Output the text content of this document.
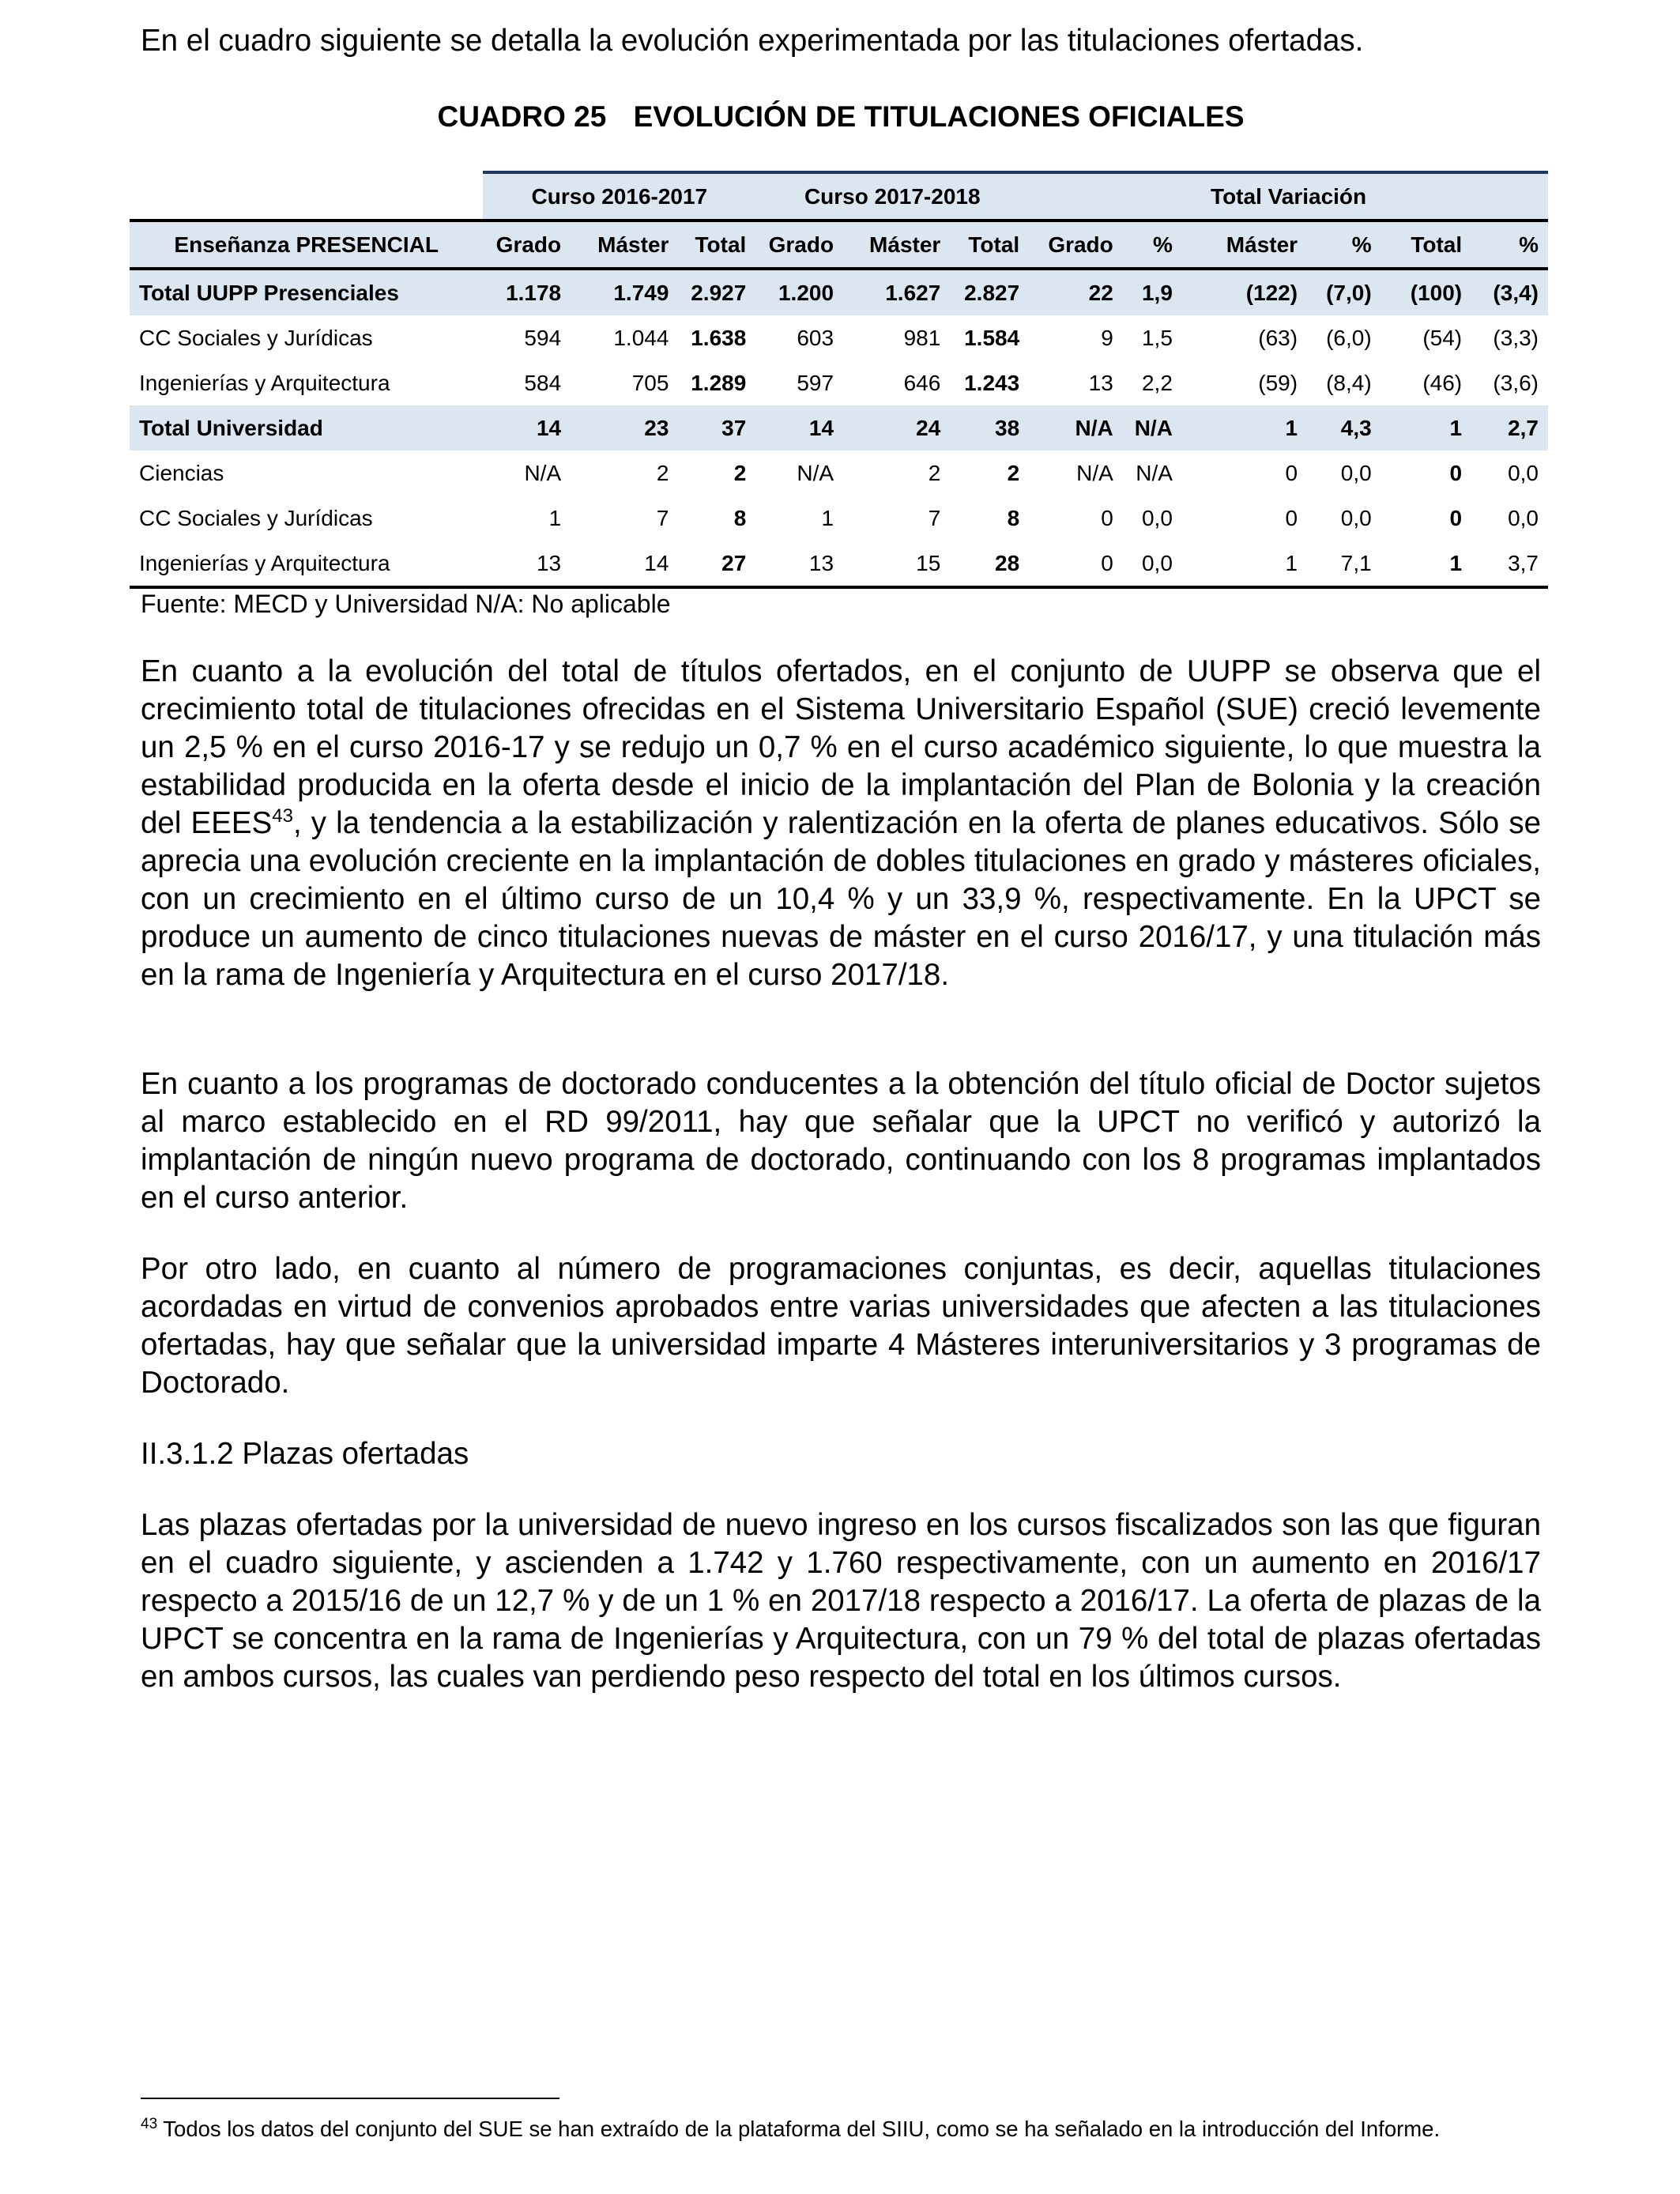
En el cuadro siguiente se detalla la evolución experimentada por las titulaciones ofertadas.

CUADRO 25 EVOLUCIÓN DE TITULACIONES OFICIALES
	Curso 2016-2017			Curso 2017-2018			Total Variación					
Enseñanza PRESENCIAL	Grado	Máster	Total	Grado	Máster	Total	Grado	%	Máster	%	Total	%
Total UUPP Presenciales	1.178	1.749	2.927	1.200	1.627	2.827	22	1,9	(122)	(7,0)	(100)	(3,4)
CC Sociales y Jurídicas	594	1.044	1.638	603	981	1.584	9	1,5	(63)	(6,0)	(54)	(3,3)
Ingenierías y Arquitectura	584	705	1.289	597	646	1.243	13	2,2	(59)	(8,4)	(46)	(3,6)
Total Universidad	14	23	37	14	24	38	N/A	N/A	1	4,3	1	2,7
Ciencias	N/A	2	2	N/A	2	2	N/A	N/A	0	0,0	0	0,0
CC Sociales y Jurídicas	1	7	8	1	7	8	0	0,0	0	0,0	0	0,0
Ingenierías y Arquitectura	13	14	27	13	15	28	0	0,0	1	7,1	1	3,7
Fuente: MECD y Universidad N/A: No aplicable

En cuanto a la evolución del total de títulos ofertados, en el conjunto de UUPP se observa que el crecimiento total de titulaciones ofrecidas en el Sistema Universitario Español (SUE) creció levemente un 2,5 % en el curso 2016-17 y se redujo un 0,7 % en el curso académico siguiente, lo que muestra la estabilidad producida en la oferta desde el inicio de la implantación del Plan de Bolonia y la creación del EEES$^{43}$, y la tendencia a la estabilización y ralentización en la oferta de planes educativos. Sólo se aprecia una evolución creciente en la implantación de dobles titulaciones en grado y másteres oficiales, con un crecimiento en el último curso de un 10,4 % y un 33,9 %, respectivamente. En la UPCT se produce un aumento de cinco titulaciones nuevas de máster en el curso 2016/17, y una titulación más en la rama de Ingeniería y Arquitectura en el curso 2017/18.

En cuanto a los programas de doctorado conducentes a la obtención del título oficial de Doctor sujetos al marco establecido en el RD 99/2011, hay que señalar que la UPCT no verificó y autorizó la implantación de ningún nuevo programa de doctorado, continuando con los 8 programas implantados en el curso anterior.

Por otro lado, en cuanto al número de programaciones conjuntas, es decir, aquellas titulaciones acordadas en virtud de convenios aprobados entre varias universidades que afecten a las titulaciones ofertadas, hay que señalar que la universidad imparte 4 Másteres interuniversitarios y 3 programas de Doctorado.

II.3.1.2 Plazas ofertadas

Las plazas ofertadas por la universidad de nuevo ingreso en los cursos fiscalizados son las que figuran en el cuadro siguiente, y ascienden a 1.742 y 1.760 respectivamente, con un aumento en 2016/17 respecto a 2015/16 de un 12,7 % y de un 1 % en 2017/18 respecto a 2016/17. La oferta de plazas de la UPCT se concentra en la rama de Ingenierías y Arquitectura, con un 79 % del total de plazas ofertadas en ambos cursos, las cuales van perdiendo peso respecto del total en los últimos cursos.

$^{43}$ Todos los datos del conjunto del SUE se han extraído de la plataforma del SIIU, como se ha señalado en la introducción del Informe.
